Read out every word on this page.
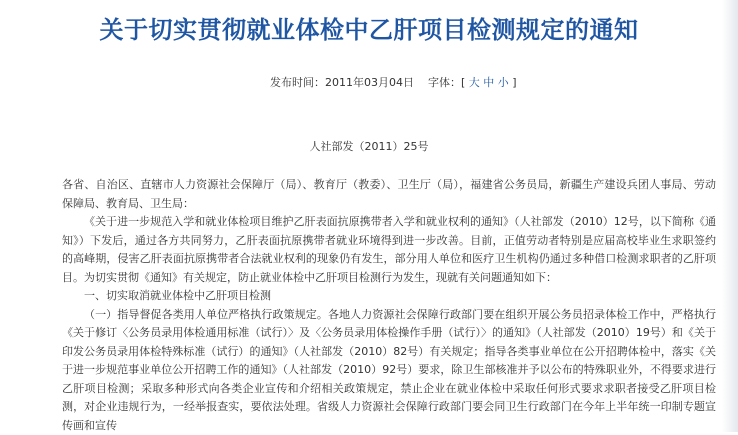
关于切实贯彻就业体检中乙肝项目检测规定的通知
发布时间：2011年03月04日 字体：[ 大 中 小 ]
人社部发（2011）25号

各省、自治区、直辖市人力资源社会保障厅（局）、教育厅（教委）、卫生厅（局），福建省公务员局，新疆生产建设兵团人事局、劳动保障局、教育局、卫生局：

《关于进一步规范入学和就业体检项目维护乙肝表面抗原携带者入学和就业权利的通知》（人社部发（2010）12号，以下简称《通知》）下发后，通过各方共同努力，乙肝表面抗原携带者就业环境得到进一步改善。目前，正值劳动者特别是应届高校毕业生求职签约的高峰期，侵害乙肝表面抗原携带者合法就业权利的现象仍有发生，部分用人单位和医疗卫生机构仍通过多种借口检测求职者的乙肝项目。为切实贯彻《通知》有关规定，防止就业体检中乙肝项目检测行为发生，现就有关问题通知如下：

一、切实取消就业体检中乙肝项目检测

（一）指导督促各类用人单位严格执行政策规定。各地人力资源社会保障行政部门要在组织开展公务员招录体检工作中，严格执行《关于修订〈公务员录用体检通用标准（试行）〉及〈公务员录用体检操作手册（试行）〉的通知》（人社部发（2010）19号）和《关于印发公务员录用体检特殊标准（试行）的通知》（人社部发（2010）82号）有关规定；指导各类事业单位在公开招聘体检中，落实《关于进一步规范事业单位公开招聘工作的通知》（人社部发（2010）92号）要求，除卫生部核准并予以公布的特殊职业外，不得要求进行乙肝项目检测；采取多种形式向各类企业宣传和介绍相关政策规定，禁止企业在就业体检中采取任何形式要求求职者接受乙肝项目检测，对企业违规行为，一经举报查实，要依法处理。省级人力资源社会保障行政部门要会同卫生行政部门在今年上半年统一印制专题宣传画和宣传
